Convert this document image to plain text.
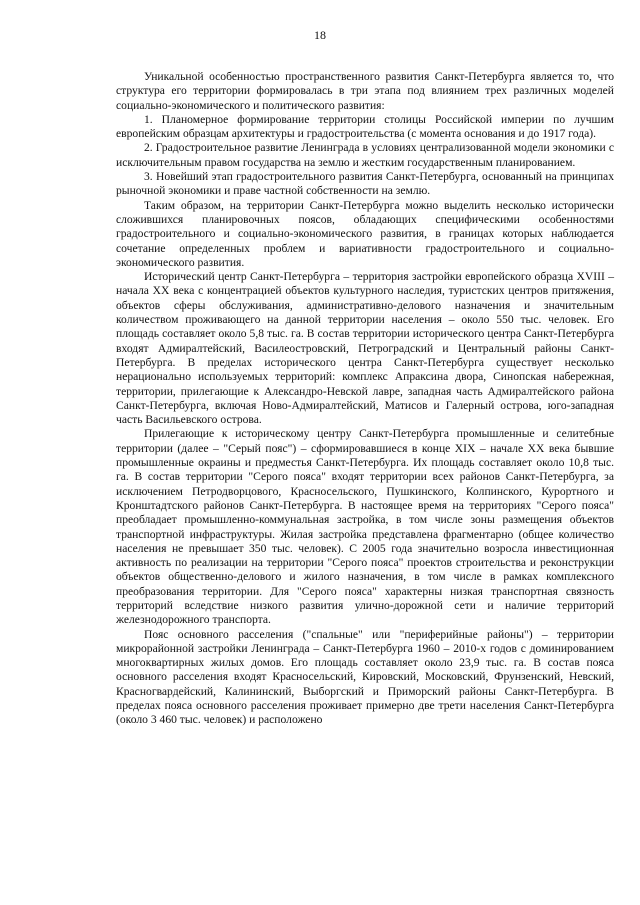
18

Уникальной особенностью пространственного развития Санкт-Петербурга является то, что структура его территории формировалась в три этапа под влиянием трех различных моделей социально-экономического и политического развития:

1. Планомерное формирование территории столицы Российской империи по лучшим европейским образцам архитектуры и градостроительства (с момента основания и до 1917 года).

2. Градостроительное развитие Ленинграда в условиях централизованной модели экономики с исключительным правом государства на землю и жестким государственным планированием.

3. Новейший этап градостроительного развития Санкт-Петербурга, основанный на принципах рыночной экономики и праве частной собственности на землю.

Таким образом, на территории Санкт-Петербурга можно выделить несколько исторически сложившихся планировочных поясов, обладающих специфическими особенностями градостроительного и социально-экономического развития, в границах которых наблюдается сочетание определенных проблем и вариативности градостроительного и социально-экономического развития.

Исторический центр Санкт-Петербурга – территория застройки европейского образца XVIII – начала XX века с концентрацией объектов культурного наследия, туристских центров притяжения, объектов сферы обслуживания, административно-делового назначения и значительным количеством проживающего на данной территории населения – около 550 тыс. человек. Его площадь составляет около 5,8 тыс. га. В состав территории исторического центра Санкт-Петербурга входят Адмиралтейский, Василеостровский, Петроградский и Центральный районы Санкт-Петербурга. В пределах исторического центра Санкт-Петербурга существует несколько нерационально используемых территорий: комплекс Апраксина двора, Синопская набережная, территории, прилегающие к Александро-Невской лавре, западная часть Адмиралтейского района Санкт-Петербурга, включая Ново-Адмиралтейский, Матисов и Галерный острова, юго-западная часть Васильевского острова.

Прилегающие к историческому центру Санкт-Петербурга промышленные и селитебные территории (далее – "Серый пояс") – сформировавшиеся в конце XIX – начале XX века бывшие промышленные окраины и предместья Санкт-Петербурга. Их площадь составляет около 10,8 тыс. га. В состав территории "Серого пояса" входят территории всех районов Санкт-Петербурга, за исключением Петродворцового, Красносельского, Пушкинского, Колпинского, Курортного и Кронштадтского районов Санкт-Петербурга. В настоящее время на территориях "Серого пояса" преобладает промышленно-коммунальная застройка, в том числе зоны размещения объектов транспортной инфраструктуры. Жилая застройка представлена фрагментарно (общее количество населения не превышает 350 тыс. человек). С 2005 года значительно возросла инвестиционная активность по реализации на территории "Серого пояса" проектов строительства и реконструкции объектов общественно-делового и жилого назначения, в том числе в рамках комплексного преобразования территории. Для "Серого пояса" характерны низкая транспортная связность территорий вследствие низкого развития улично-дорожной сети и наличие территорий железнодорожного транспорта.

Пояс основного расселения ("спальные" или "периферийные районы") – территории микрорайонной застройки Ленинграда – Санкт-Петербурга 1960 – 2010-х годов с доминированием многоквартирных жилых домов. Его площадь составляет около 23,9 тыс. га. В состав пояса основного расселения входят Красносельский, Кировский, Московский, Фрунзенский, Невский, Красногвардейский, Калининский, Выборгский и Приморский районы Санкт-Петербурга. В пределах пояса основного расселения проживает примерно две трети населения Санкт-Петербурга (около 3 460 тыс. человек) и расположено
